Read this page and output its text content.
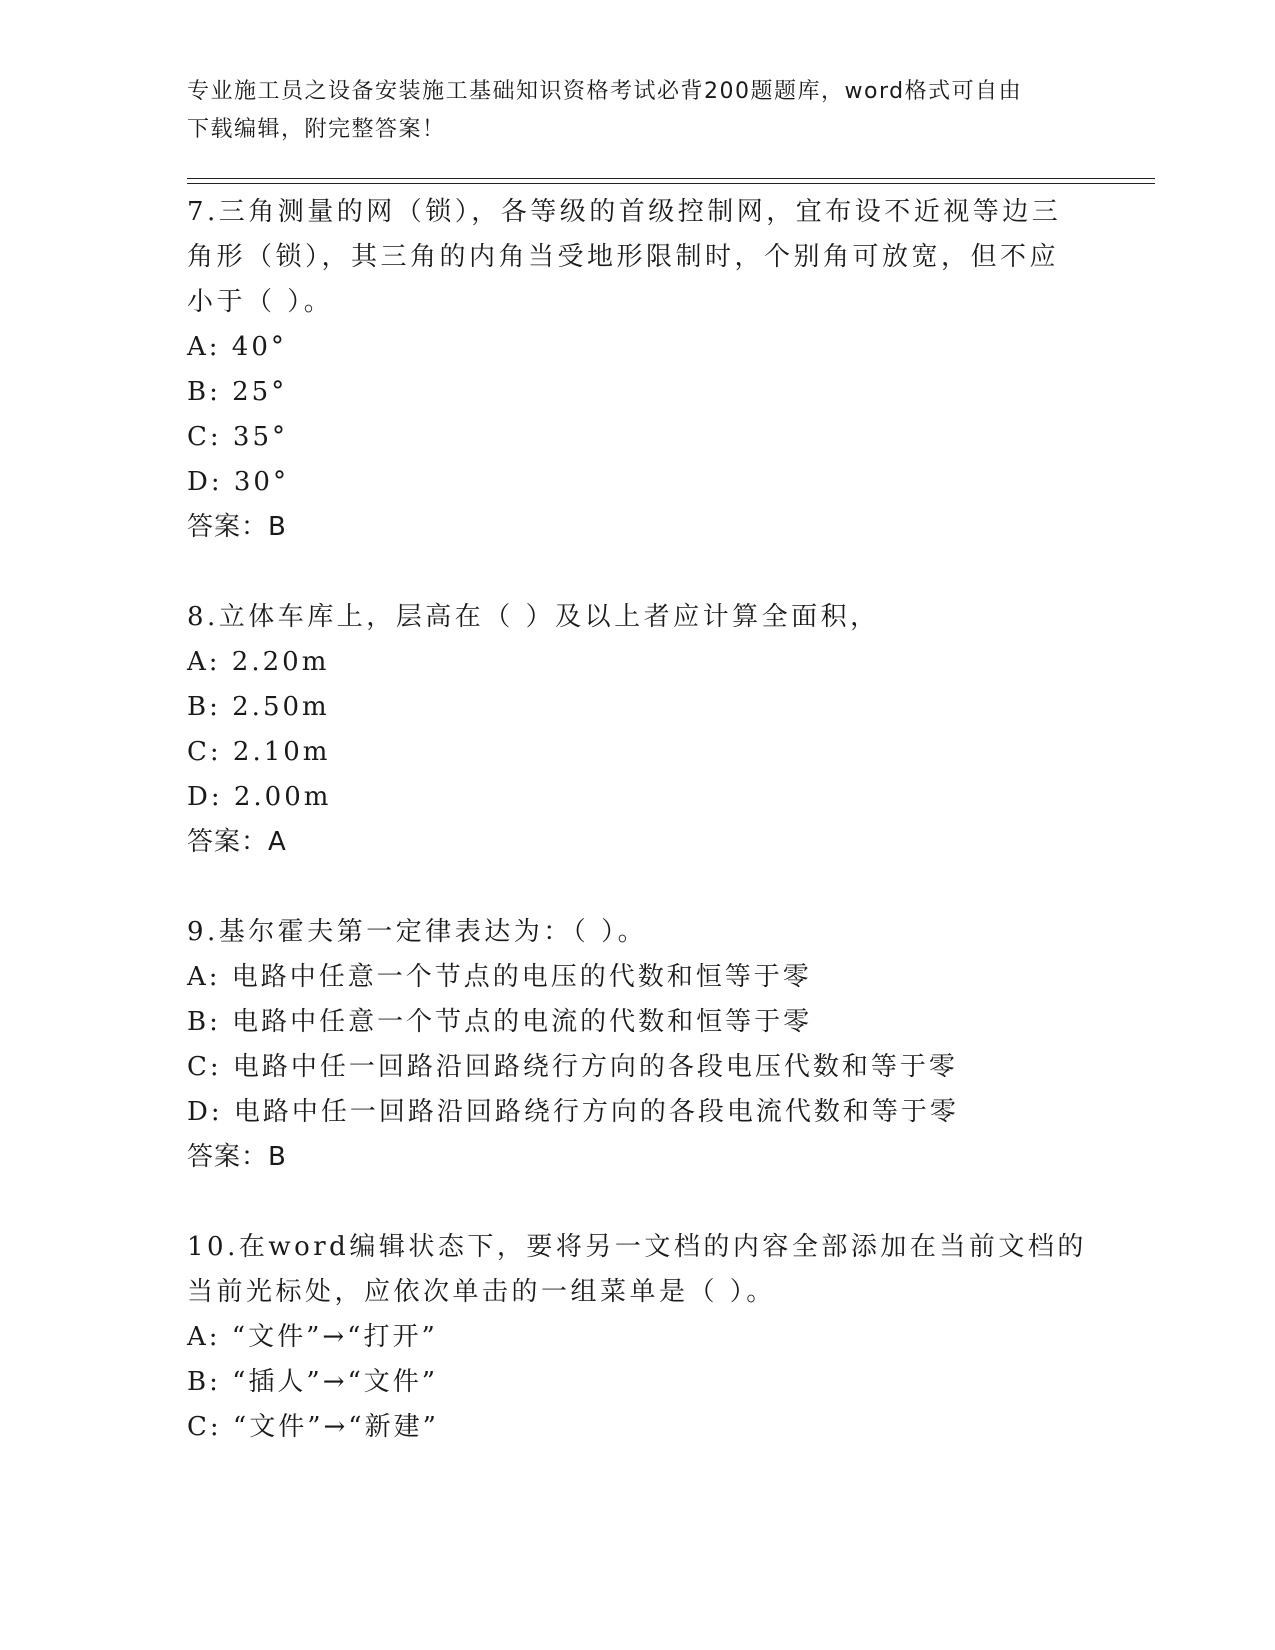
专业施工员之设备安装施工基础知识资格考试必背200题题库，word格式可自由
下载编辑，附完整答案！

7.三角测量的网（锁），各等级的首级控制网，宜布设不近视等边三
角形（锁），其三角的内角当受地形限制时，个别角可放宽，但不应
小于（ ）。

A: 40°
B: 25°
C: 35°
D: 30°

答案：B

8.立体车库上，层高在（ ）及以上者应计算全面积，

A: 2.20m
B: 2.50m
C: 2.10m
D: 2.00m

答案：A

9.基尔霍夫第一定律表达为：（ ）。

A: 电路中任意一个节点的电压的代数和恒等于零
B: 电路中任意一个节点的电流的代数和恒等于零
C: 电路中任一回路沿回路绕行方向的各段电压代数和等于零
D: 电路中任一回路沿回路绕行方向的各段电流代数和等于零

答案：B

10.在word编辑状态下，要将另一文档的内容全部添加在当前文档的
当前光标处，应依次单击的一组菜单是（ ）。

A: “文件”→“打开”
B: “插人”→“文件”
C: “文件”→“新建”
